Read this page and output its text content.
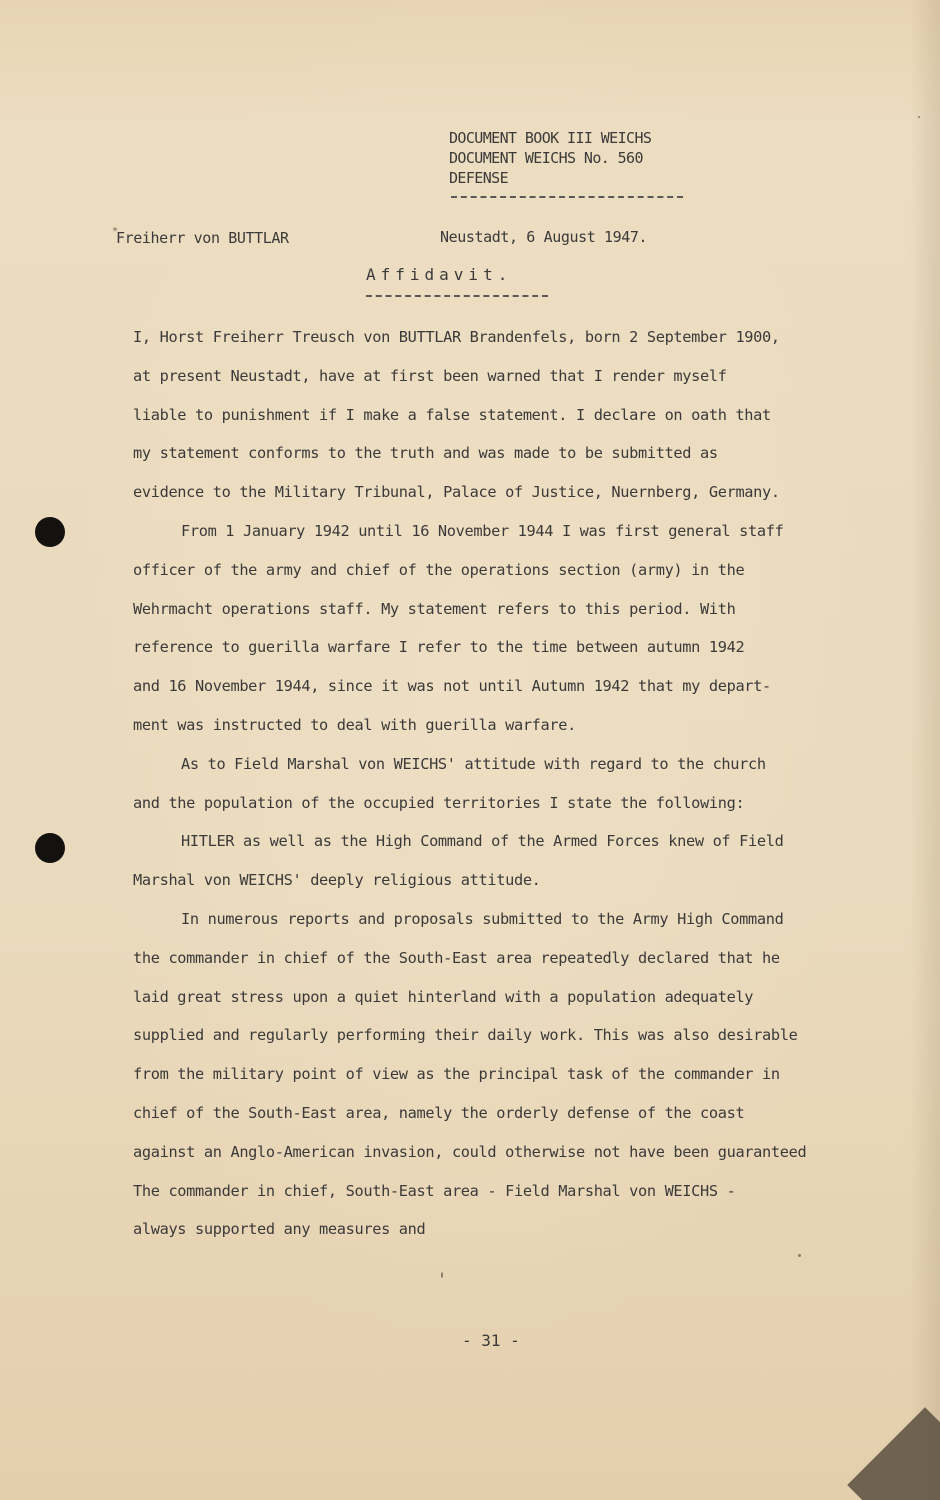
DOCUMENT BOOK III WEICHS
DOCUMENT WEICHS No. 560
DEFENSE
*
Freiherr von BUTTLAR	Neustadt, 6 August 1947.
Affidavit.
I, Horst Freiherr Treusch von BUTTLAR Brandenfels, born 2 September 1900,
at present Neustadt, have at first been warned that I render myself
liable to punishment if I make a false statement. I declare on oath that
my statement conforms to the truth and was made to be submitted as
evidence to the Military Tribunal, Palace of Justice, Nuernberg, Germany.
From 1 January 1942 until 16 November 1944 I was first general staff
officer of the army and chief of the operations section (army) in the
Wehrmacht operations staff. My statement refers to this period. With
reference to guerilla warfare I refer to the time between autumn 1942
and 16 November 1944, since it was not until Autumn 1942 that my depart-
ment was instructed to deal with guerilla warfare.
As to Field Marshal von WEICHS' attitude with regard to the church
and the population of the occupied territories I state the following:
HITLER as well as the High Command of the Armed Forces knew of Field
Marshal von WEICHS' deeply religious attitude.
In numerous reports and proposals submitted to the Army High Command
the commander in chief of the South-East area repeatedly declared that he
laid great stress upon a quiet hinterland with a population adequately
supplied and regularly performing their daily work. This was also desirable
from the military point of view as the principal task of the commander in
chief of the South-East area, namely the orderly defense of the coast
against an Anglo-American invasion, could otherwise not have been guaranteed
The commander in chief, South-East area - Field Marshal von WEICHS -
always supported any measures and
- 31 -
